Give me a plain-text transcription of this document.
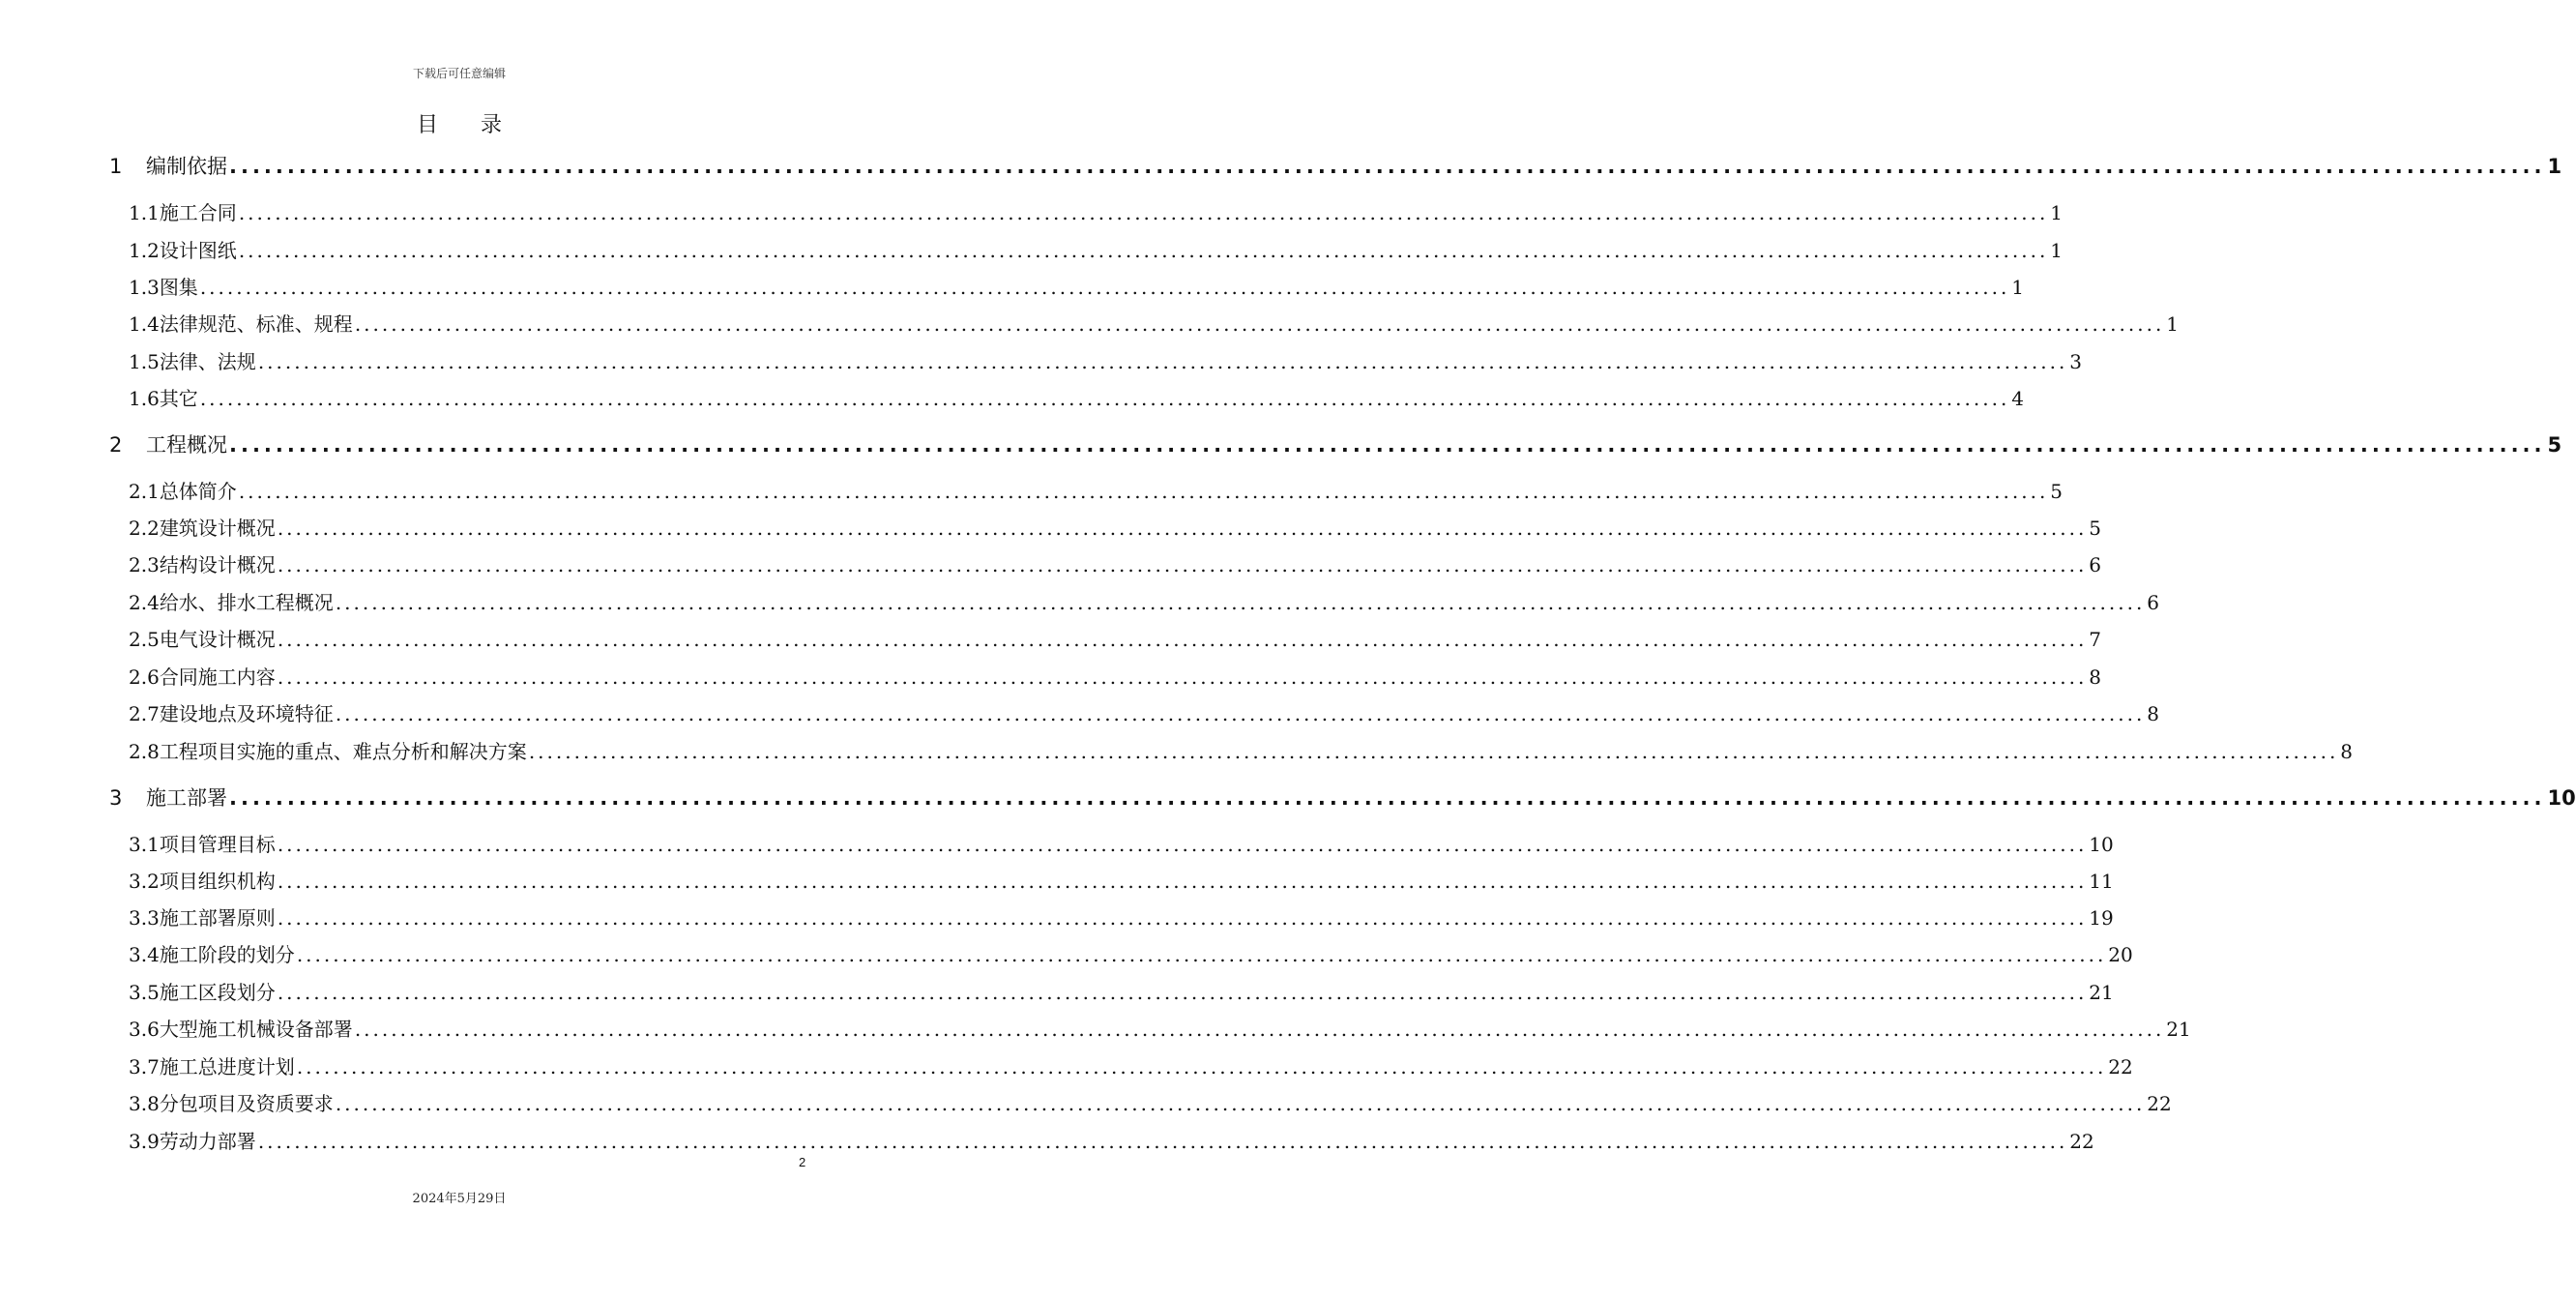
下载后可任意编辑
目 录
1	编制依据 ........................................................................................................................................................................................................ 1
1.1 施工合同 ........................................................................................................................................................................................................ 1
1.2 设计图纸 ........................................................................................................................................................................................................ 1
1.3 图集 ........................................................................................................................................................................................................ 1
1.4 法律规范、标准、规程 ........................................................................................................................................................................................................ 1
1.5 法律、法规 ........................................................................................................................................................................................................ 3
1.6 其它 ........................................................................................................................................................................................................ 4
2	工程概况 ........................................................................................................................................................................................................ 5
2.1 总体简介 ........................................................................................................................................................................................................ 5
2.2 建筑设计概况 ........................................................................................................................................................................................................ 5
2.3 结构设计概况 ........................................................................................................................................................................................................ 6
2.4 给水、排水工程概况 ........................................................................................................................................................................................................ 6
2.5 电气设计概况 ........................................................................................................................................................................................................ 7
2.6 合同施工内容 ........................................................................................................................................................................................................ 8
2.7 建设地点及环境特征 ........................................................................................................................................................................................................ 8
2.8 工程项目实施的重点、难点分析和解决方案 ........................................................................................................................................................................................................ 8
3	施工部署 ........................................................................................................................................................................................................ 10
3.1 项目管理目标 ........................................................................................................................................................................................................ 10
3.2 项目组织机构 ........................................................................................................................................................................................................ 11
3.3 施工部署原则 ........................................................................................................................................................................................................ 19
3.4 施工阶段的划分 ........................................................................................................................................................................................................ 20
3.5 施工区段划分 ........................................................................................................................................................................................................ 21
3.6 大型施工机械设备部署 ........................................................................................................................................................................................................ 21
3.7 施工总进度计划 ........................................................................................................................................................................................................ 22
3.8 分包项目及资质要求 ........................................................................................................................................................................................................ 22
3.9 劳动力部署 ........................................................................................................................................................................................................ 22
2
2024年5月29日
